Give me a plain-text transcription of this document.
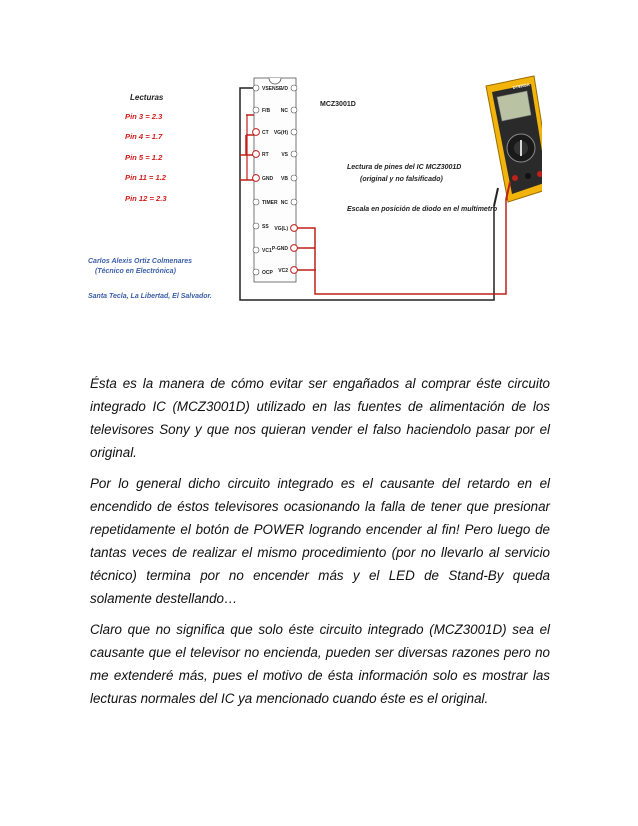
Lecturas
Pin 3 = 2.3
Pin 4 = 1.7
Pin 5 = 1.2
Pin 11 = 1.2
Pin 12 = 2.3
Carlos Alexis Ortiz Colmenares
(Técnico en Electrónica)
Santa Tecla, La Libertad, El Salvador.
MCZ3001D
VSENSE
F/B
CT
RT
GND
TIMER
SS
VC1
OCP
VD
NC
VG(H)
VS
VB
NC
VG(L)
P-GND
VC2
Lectura de pines del IC MCZ3001D
(original y no falsificado)
Escala en posición de diodo en el multímetro
DT9205A

Ésta es la manera de cómo evitar ser engañados al comprar éste circuito integrado IC (MCZ3001D) utilizado en las fuentes de alimentación de los televisores Sony y que nos quieran vender el falso haciendolo pasar por el original.

Por lo general dicho circuito integrado es el causante del retardo en el encendido de éstos televisores ocasionando la falla de tener que presionar repetidamente el botón de POWER logrando encender al fin! Pero luego de tantas veces de realizar el mismo procedimiento (por no llevarlo al servicio técnico) termina por no encender más y el LED de Stand-By queda solamente destellando…

Claro que no significa que solo éste circuito integrado (MCZ3001D) sea el causante que el televisor no encienda, pueden ser diversas razones pero no me extenderé más, pues el motivo de ésta información solo es mostrar las lecturas normales del IC ya mencionado cuando éste es el original.
